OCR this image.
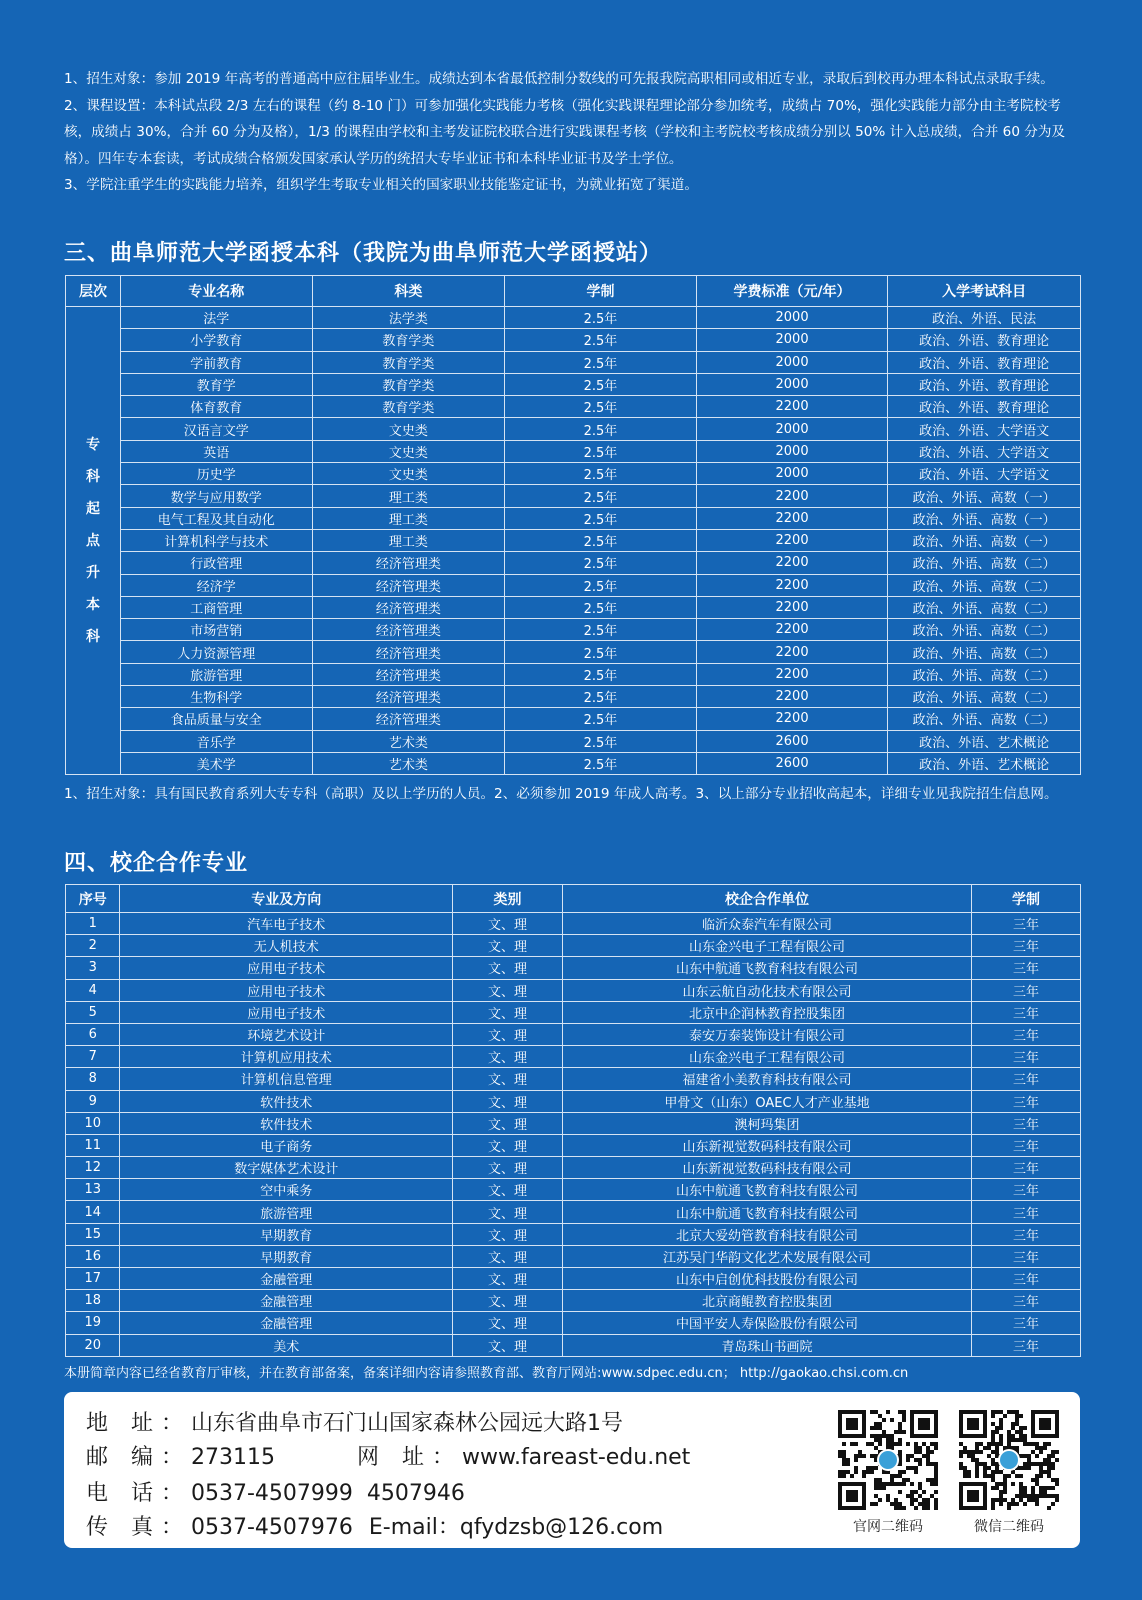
1、招生对象：参加 2019 年高考的普通高中应往届毕业生。成绩达到本省最低控制分数线的可先报我院高职相同或相近专业，录取后到校再办理本科试点录取手续。

2、课程设置：本科试点段 2/3 左右的课程（约 8-10 门）可参加强化实践能力考核（强化实践课程理论部分参加统考，成绩占 70%，强化实践能力部分由主考院校考核，成绩占 30%，合并 60 分为及格），1/3 的课程由学校和主考发证院校联合进行实践课程考核（学校和主考院校考核成绩分别以 50% 计入总成绩，合并 60 分为及格）。四年专本套读，考试成绩合格颁发国家承认学历的统招大专毕业证书和本科毕业证书及学士学位。

3、学院注重学生的实践能力培养，组织学生考取专业相关的国家职业技能鉴定证书，为就业拓宽了渠道。

三、曲阜师范大学函授本科（我院为曲阜师范大学函授站）
层次	专业名称	科类	学制	学费标准（元/年）	入学考试科目
专科起点升本科	法学	法学类	2.5年	2000	政治、外语、民法
	小学教育	教育学类	2.5年	2000	政治、外语、教育理论
	学前教育	教育学类	2.5年	2000	政治、外语、教育理论
	教育学	教育学类	2.5年	2000	政治、外语、教育理论
	体育教育	教育学类	2.5年	2200	政治、外语、教育理论
	汉语言文学	文史类	2.5年	2000	政治、外语、大学语文
	英语	文史类	2.5年	2000	政治、外语、大学语文
	历史学	文史类	2.5年	2000	政治、外语、大学语文
	数学与应用数学	理工类	2.5年	2200	政治、外语、高数（一）
	电气工程及其自动化	理工类	2.5年	2200	政治、外语、高数（一）
	计算机科学与技术	理工类	2.5年	2200	政治、外语、高数（一）
	行政管理	经济管理类	2.5年	2200	政治、外语、高数（二）
	经济学	经济管理类	2.5年	2200	政治、外语、高数（二）
	工商管理	经济管理类	2.5年	2200	政治、外语、高数（二）
	市场营销	经济管理类	2.5年	2200	政治、外语、高数（二）
	人力资源管理	经济管理类	2.5年	2200	政治、外语、高数（二）
	旅游管理	经济管理类	2.5年	2200	政治、外语、高数（二）
	生物科学	经济管理类	2.5年	2200	政治、外语、高数（二）
	食品质量与安全	经济管理类	2.5年	2200	政治、外语、高数（二）
	音乐学	艺术类	2.5年	2600	政治、外语、艺术概论
	美术学	艺术类	2.5年	2600	政治、外语、艺术概论
1、招生对象：具有国民教育系列大专专科（高职）及以上学历的人员。2、必须参加 2019 年成人高考。3、以上部分专业招收高起本，详细专业见我院招生信息网。
四、校企合作专业
序号	专业及方向	类别	校企合作单位	学制
1	汽车电子技术	文、理	临沂众泰汽车有限公司	三年
2	无人机技术	文、理	山东金兴电子工程有限公司	三年
3	应用电子技术	文、理	山东中航通飞教育科技有限公司	三年
4	应用电子技术	文、理	山东云航自动化技术有限公司	三年
5	应用电子技术	文、理	北京中企润林教育控股集团	三年
6	环境艺术设计	文、理	泰安万泰装饰设计有限公司	三年
7	计算机应用技术	文、理	山东金兴电子工程有限公司	三年
8	计算机信息管理	文、理	福建省小美教育科技有限公司	三年
9	软件技术	文、理	甲骨文（山东）OAEC人才产业基地	三年
10	软件技术	文、理	澳柯玛集团	三年
11	电子商务	文、理	山东新视觉数码科技有限公司	三年
12	数字媒体艺术设计	文、理	山东新视觉数码科技有限公司	三年
13	空中乘务	文、理	山东中航通飞教育科技有限公司	三年
14	旅游管理	文、理	山东中航通飞教育科技有限公司	三年
15	早期教育	文、理	北京大爱幼管教育科技有限公司	三年
16	早期教育	文、理	江苏吴门华韵文化艺术发展有限公司	三年
17	金融管理	文、理	山东中启创优科技股份有限公司	三年
18	金融管理	文、理	北京商鲲教育控股集团	三年
19	金融管理	文、理	中国平安人寿保险股份有限公司	三年
20	美术	文、理	青岛珠山书画院	三年
本册简章内容已经省教育厅审核，并在教育部备案，备案详细内容请参照教育部、教育厅网站:www.sdpec.edu.cn； http://gaokao.chsi.com.cn
地 址：山东省曲阜市石门山国家森林公园远大路1号
邮 编：273115	网 址：www.fareast-edu.net
电 话：0537-4507999  4507946
传 真：0537-4507976 E-mail：qfydzsb@126.com	官网二维码	微信二维码
